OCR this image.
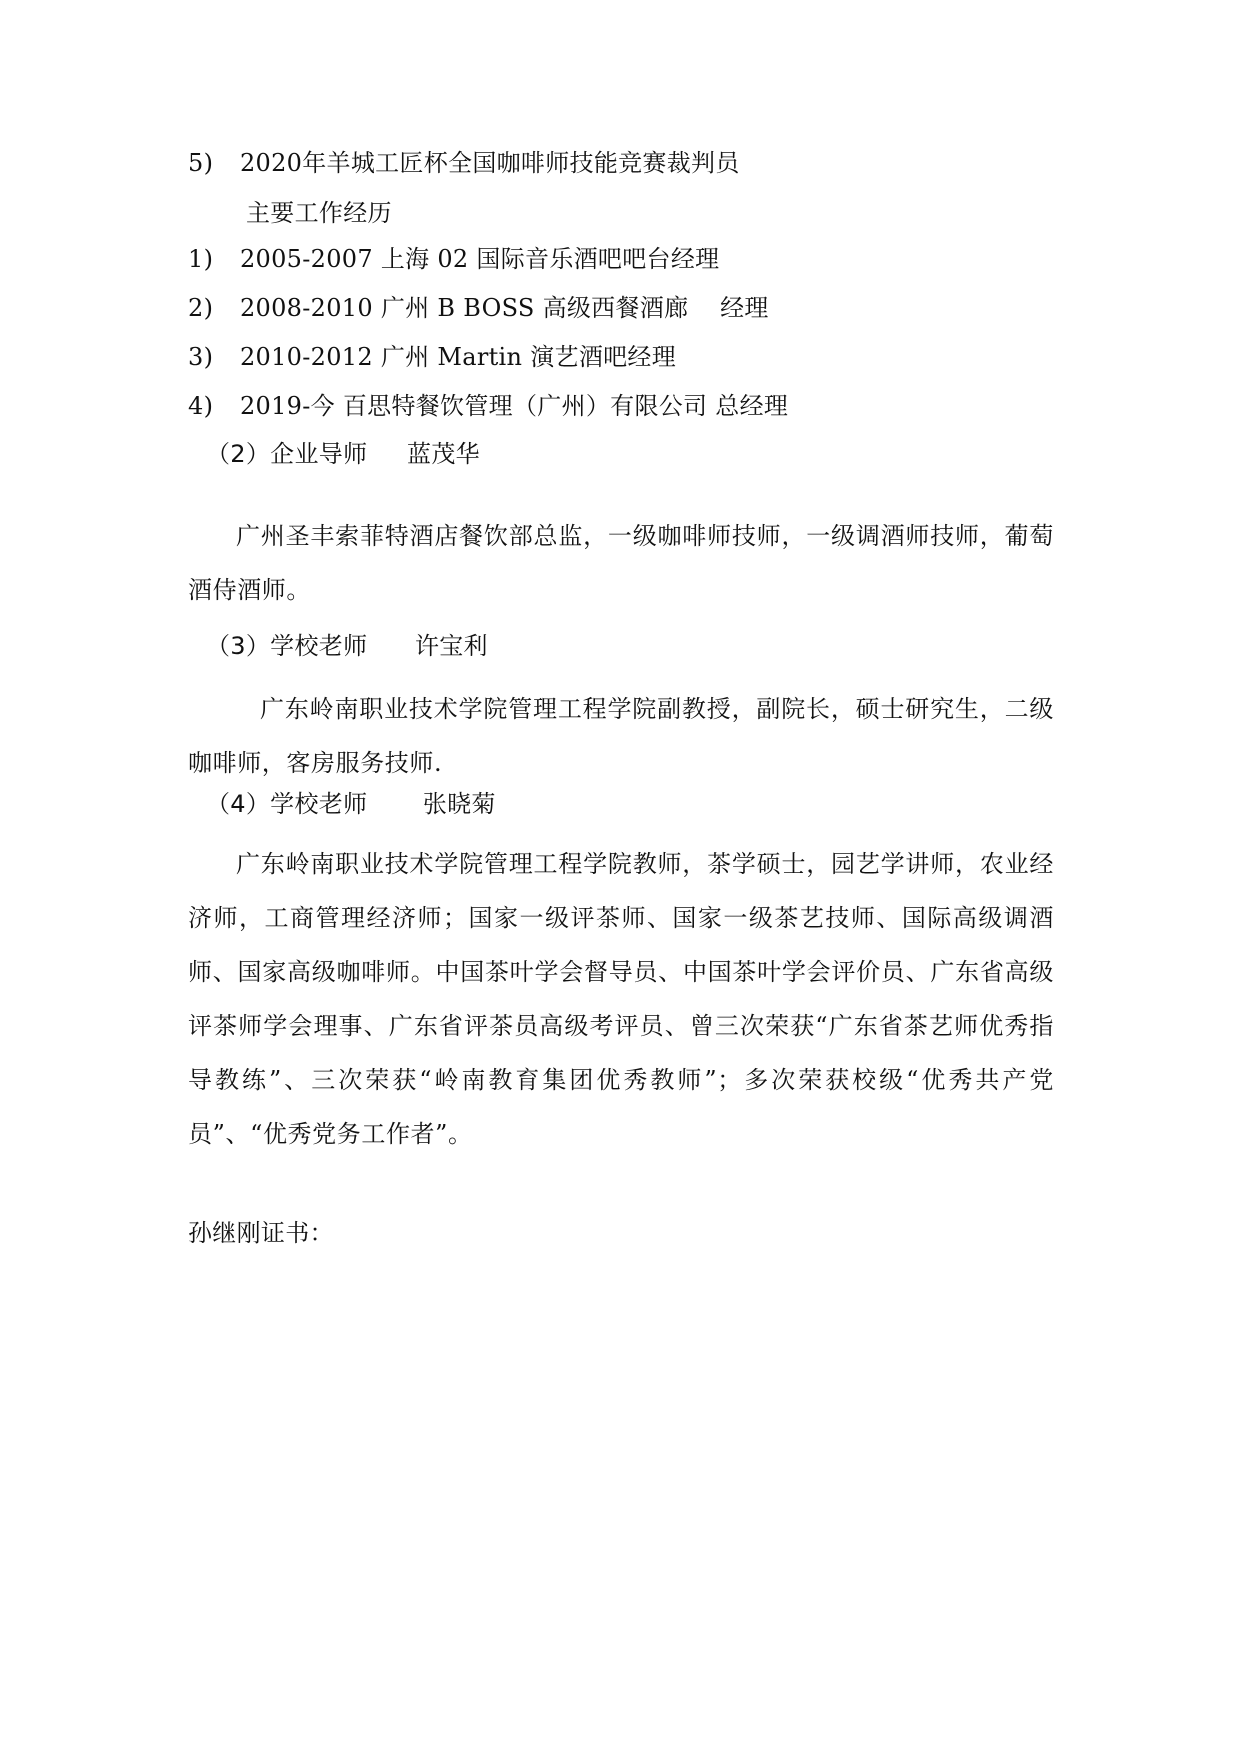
5) 2020年羊城工匠杯全国咖啡师技能竞赛裁判员
主要工作经历
1) 2005-2007 上海 02 国际音乐酒吧吧台经理
2) 2008-2010 广州 B BOSS 高级西餐酒廊    经理
3) 2010-2012 广州 Martin 演艺酒吧经理
4) 2019-今 百思特餐饮管理（广州）有限公司 总经理
（2）企业导师     蓝茂华
广州圣丰索菲特酒店餐饮部总监，一级咖啡师技师，一级调酒师技师，葡萄酒侍酒师。
（3）学校老师      许宝利
广东岭南职业技术学院管理工程学院副教授，副院长，硕士研究生，二级咖啡师，客房服务技师.
（4）学校老师       张晓菊
广东岭南职业技术学院管理工程学院教师，茶学硕士，园艺学讲师，农业经济师，工商管理经济师；国家一级评茶师、国家一级茶艺技师、国际高级调酒师、国家高级咖啡师。中国茶叶学会督导员、中国茶叶学会评价员、广东省高级评茶师学会理事、广东省评茶员高级考评员、曾三次荣获“广东省茶艺师优秀指导教练”、三次荣获“岭南教育集团优秀教师”；多次荣获校级“优秀共产党员”、“优秀党务工作者”。
孙继刚证书：
